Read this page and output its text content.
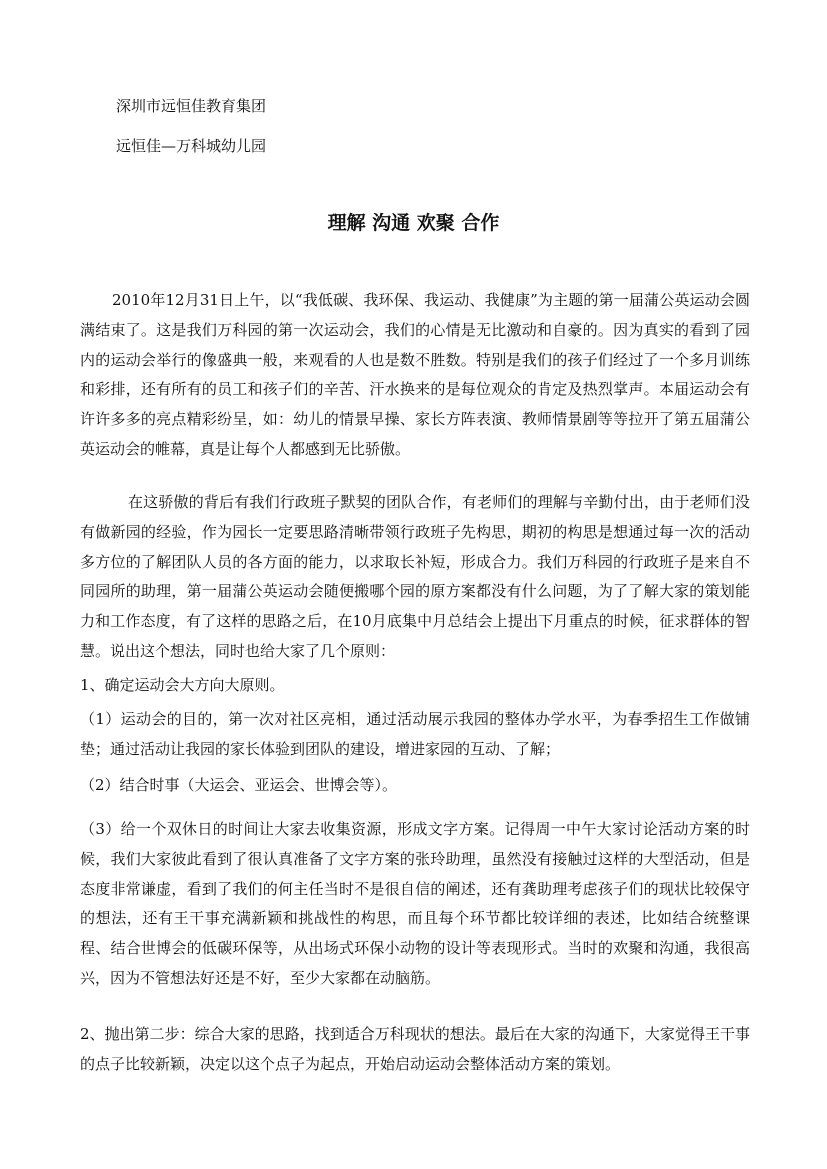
深圳市远恒佳教育集团
远恒佳—万科城幼儿园
理解 沟通 欢聚 合作
2010年12月31日上午，以“我低碳、我环保、我运动、我健康”为主题的第一届蒲公英运动会圆满结束了。这是我们万科园的第一次运动会，我们的心情是无比激动和自豪的。因为真实的看到了园内的运动会举行的像盛典一般，来观看的人也是数不胜数。特别是我们的孩子们经过了一个多月训练和彩排，还有所有的员工和孩子们的辛苦、汗水换来的是每位观众的肯定及热烈掌声。本届运动会有许许多多的亮点精彩纷呈，如：幼儿的情景早操、家长方阵表演、教师情景剧等等拉开了第五届蒲公英运动会的帷幕，真是让每个人都感到无比骄傲。
在这骄傲的背后有我们行政班子默契的团队合作，有老师们的理解与辛勤付出，由于老师们没有做新园的经验，作为园长一定要思路清晰带领行政班子先构思，期初的构思是想通过每一次的活动多方位的了解团队人员的各方面的能力，以求取长补短，形成合力。我们万科园的行政班子是来自不同园所的助理，第一届蒲公英运动会随便搬哪个园的原方案都没有什么问题，为了了解大家的策划能力和工作态度，有了这样的思路之后，在10月底集中月总结会上提出下月重点的时候，征求群体的智慧。说出这个想法，同时也给大家了几个原则：
1、确定运动会大方向大原则。
（1）运动会的目的，第一次对社区亮相，通过活动展示我园的整体办学水平，为春季招生工作做铺垫；通过活动让我园的家长体验到团队的建设，增进家园的互动、了解；
（2）结合时事（大运会、亚运会、世博会等）。
（3）给一个双休日的时间让大家去收集资源，形成文字方案。记得周一中午大家讨论活动方案的时候，我们大家彼此看到了很认真准备了文字方案的张玲助理，虽然没有接触过这样的大型活动，但是态度非常谦虚，看到了我们的何主任当时不是很自信的阐述，还有龚助理考虑孩子们的现状比较保守的想法，还有王干事充满新颖和挑战性的构思，而且每个环节都比较详细的表述，比如结合统整课程、结合世博会的低碳环保等，从出场式环保小动物的设计等表现形式。当时的欢聚和沟通，我很高兴，因为不管想法好还是不好，至少大家都在动脑筋。
2、抛出第二步：综合大家的思路，找到适合万科现状的想法。最后在大家的沟通下，大家觉得王干事的点子比较新颖，决定以这个点子为起点，开始启动运动会整体活动方案的策划。
